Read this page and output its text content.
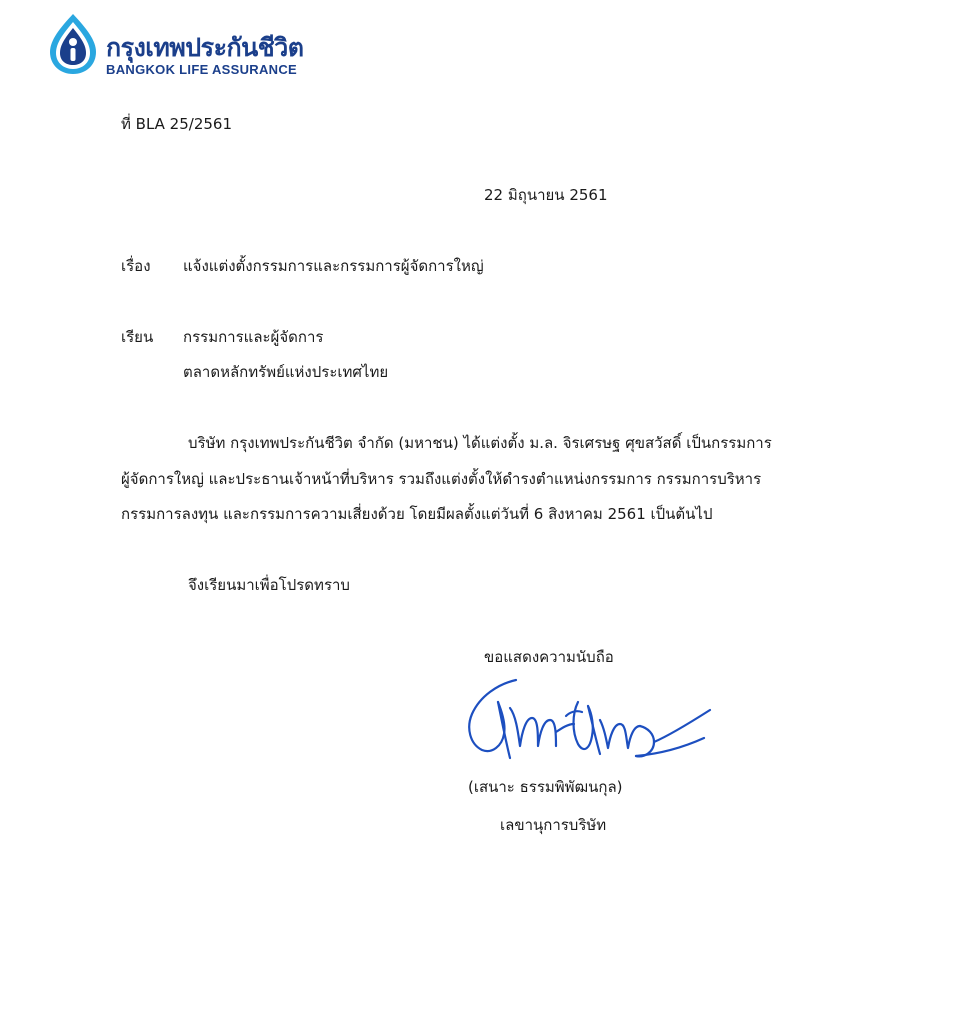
กรุงเทพประกันชีวิต
BANGKOK LIFE ASSURANCE
ที่ BLA 25/2561
22 มิถุนายน 2561
เรื่อง แจ้งแต่งตั้งกรรมการและกรรมการผู้จัดการใหญ่
เรียน กรรมการและผู้จัดการ
ตลาดหลักทรัพย์แห่งประเทศไทย
บริษัท กรุงเทพประกันชีวิต จำกัด (มหาชน) ได้แต่งตั้ง ม.ล. จิรเศรษฐ ศุขสวัสดิ์ เป็นกรรมการ
ผู้จัดการใหญ่ และประธานเจ้าหน้าที่บริหาร รวมถึงแต่งตั้งให้ดำรงตำแหน่งกรรมการ กรรมการบริหาร
กรรมการลงทุน และกรรมการความเสี่ยงด้วย โดยมีผลตั้งแต่วันที่ 6 สิงหาคม 2561 เป็นต้นไป
จึงเรียนมาเพื่อโปรดทราบ
ขอแสดงความนับถือ
(เสนาะ ธรรมพิพัฒนกุล)
เลขานุการบริษัท
